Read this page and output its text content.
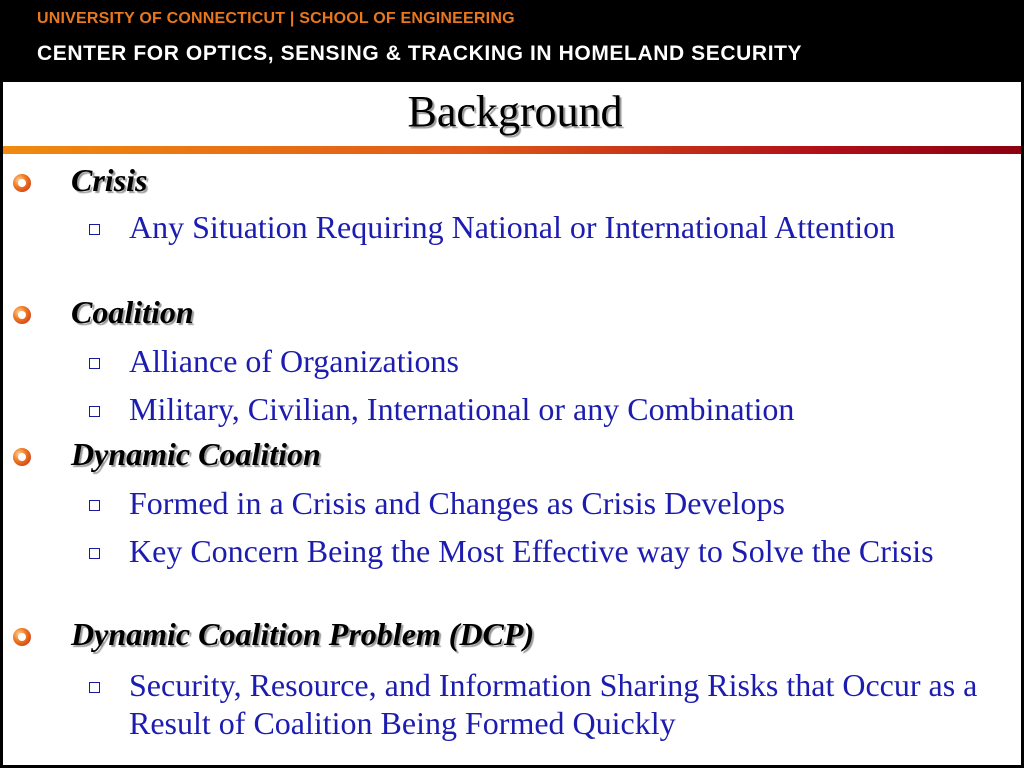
UNIVERSITY OF CONNECTICUT | SCHOOL OF ENGINEERING
CENTER FOR OPTICS, SENSING & TRACKING IN HOMELAND SECURITY
Background
Crisis
Any Situation Requiring National or International Attention
Coalition
Alliance of Organizations
Military, Civilian, International or any Combination
Dynamic Coalition
Formed in a Crisis and Changes as Crisis Develops
Key Concern Being the Most Effective way to Solve the Crisis
Dynamic Coalition Problem (DCP)
Security, Resource, and Information Sharing Risks that Occur as a Result of Coalition Being Formed Quickly
